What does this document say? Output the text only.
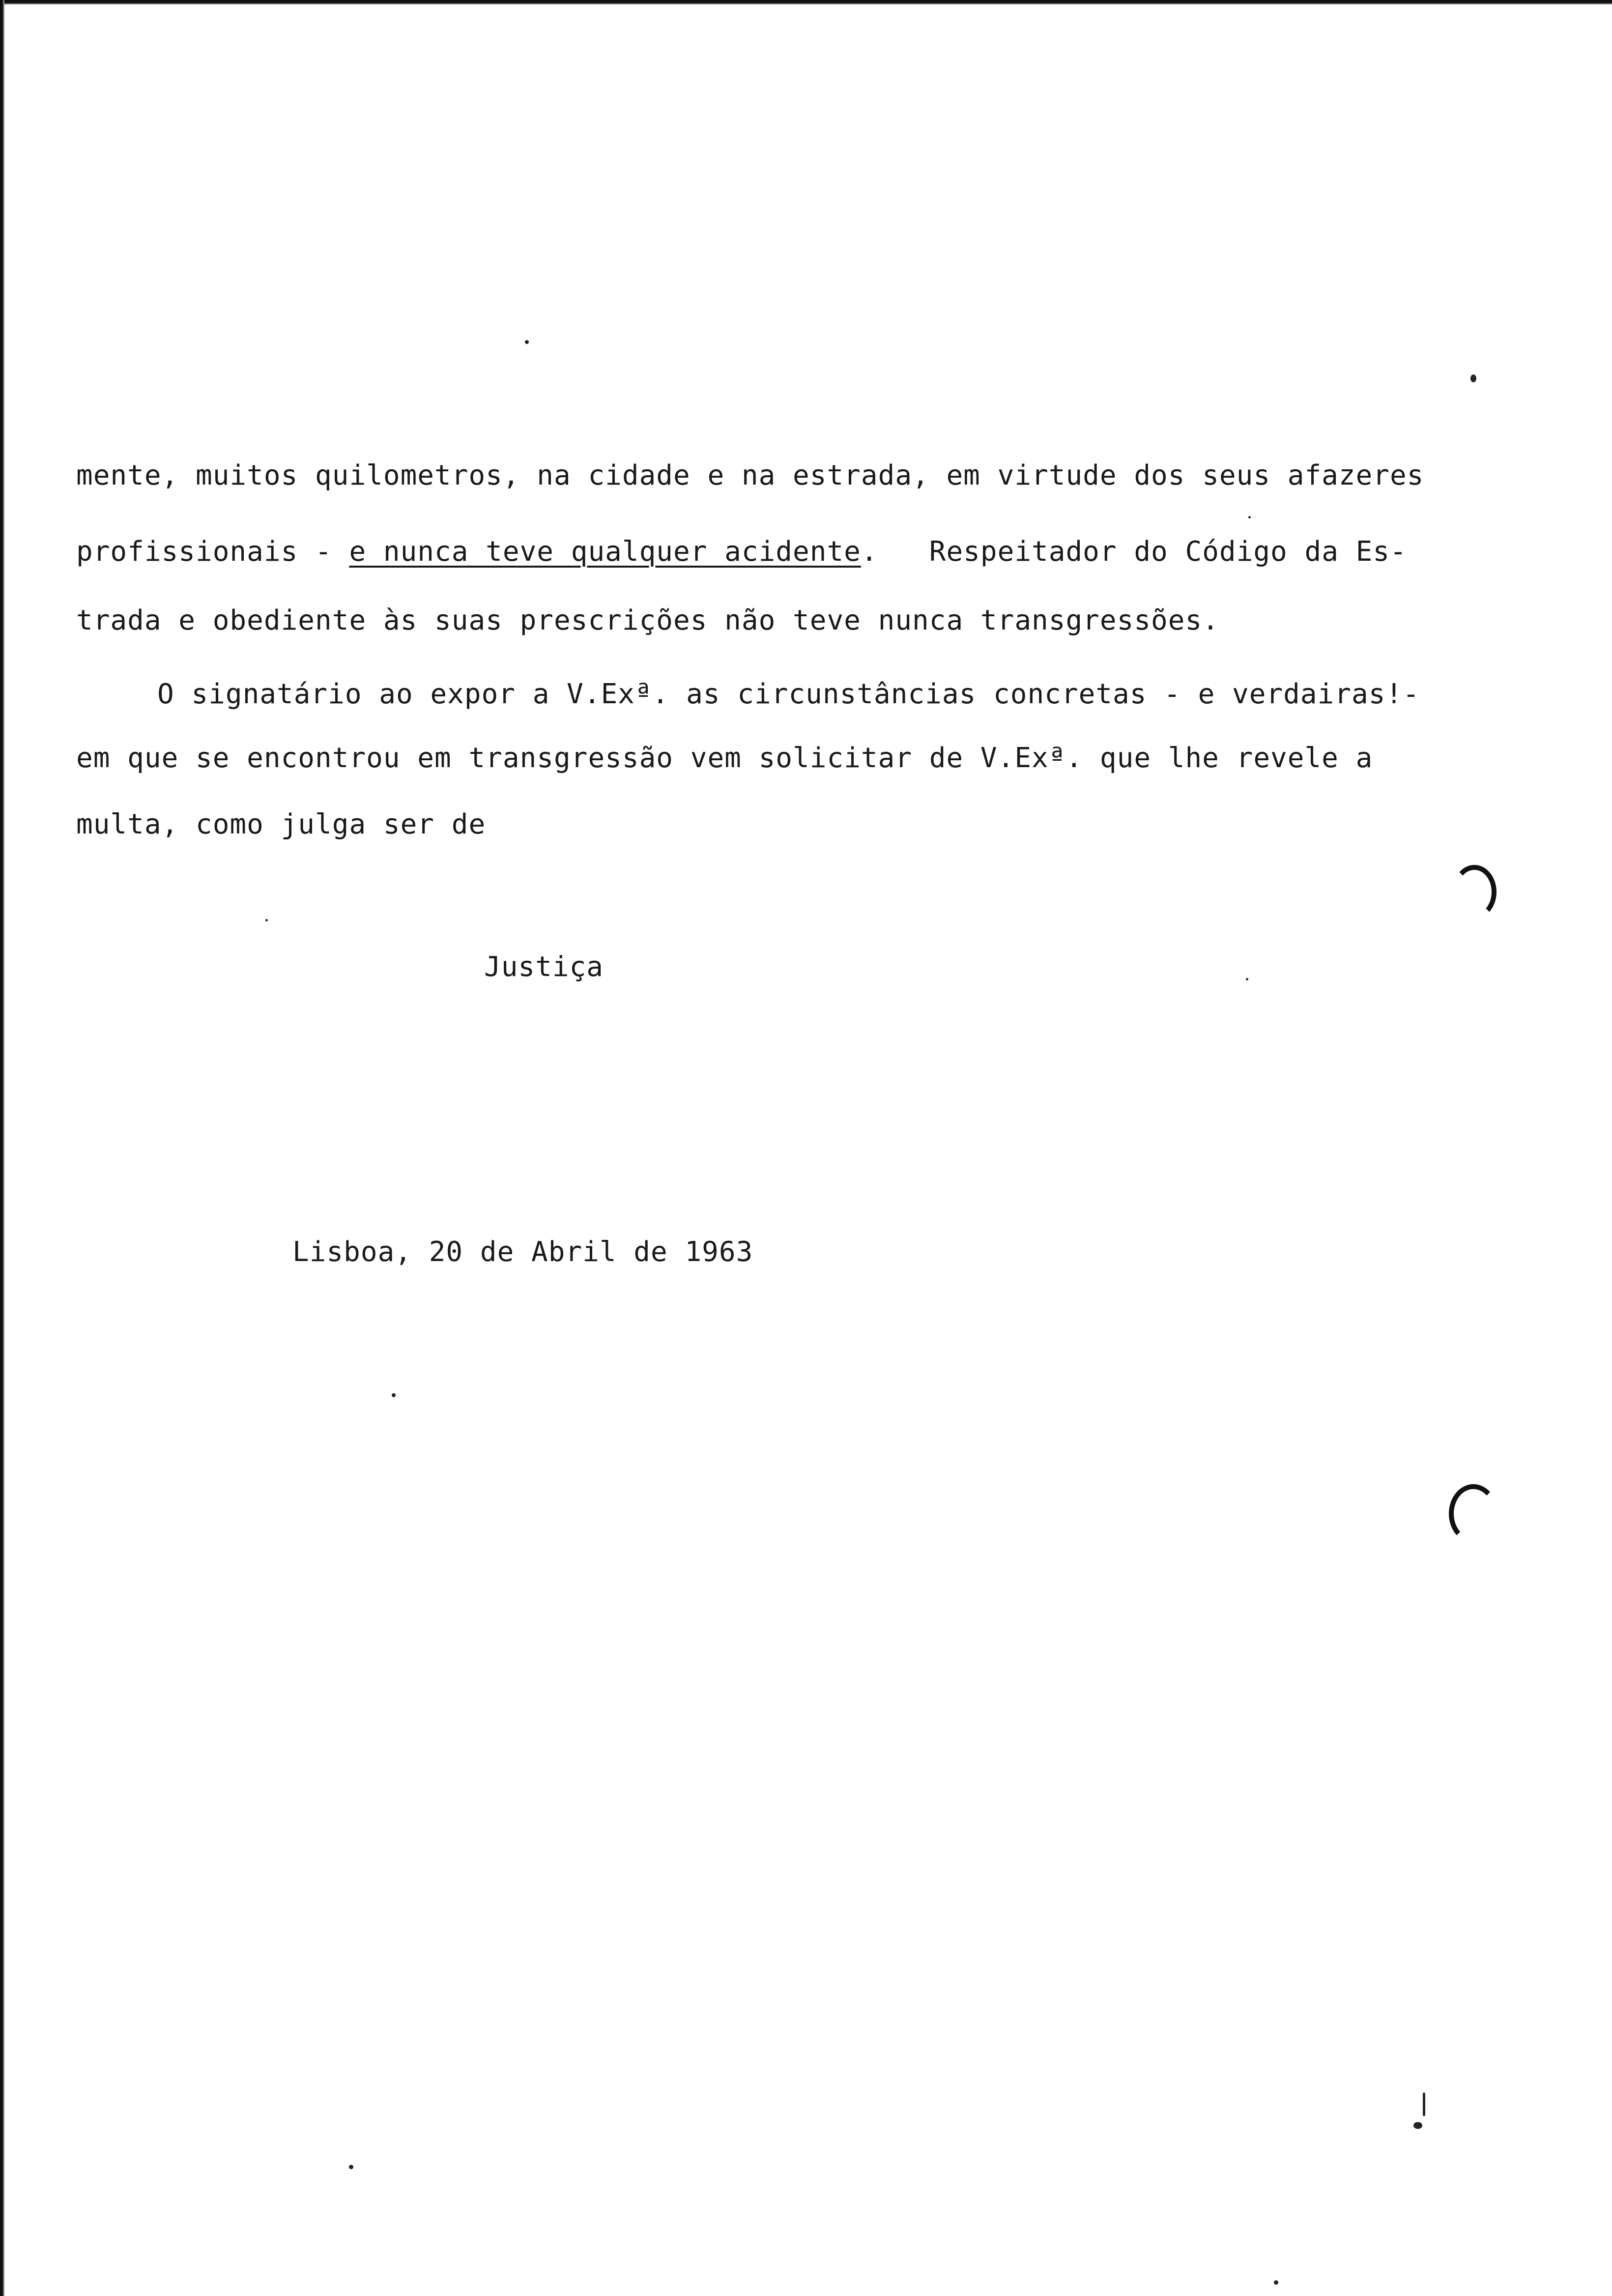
mente, muitos quilometros, na cidade e na estrada, em virtude dos seus afazeres
profissionais - e nunca teve qualquer acidente.   Respeitador do Código da Es-
trada e obediente às suas prescrições não teve nunca transgressões.
O signatário ao expor a V.Exª. as circunstâncias concretas - e verdairas!-
em que se encontrou em transgressão vem solicitar de V.Exª. que lhe revele a
multa, como julga ser de
Justiça
Lisboa, 20 de Abril de 1963
